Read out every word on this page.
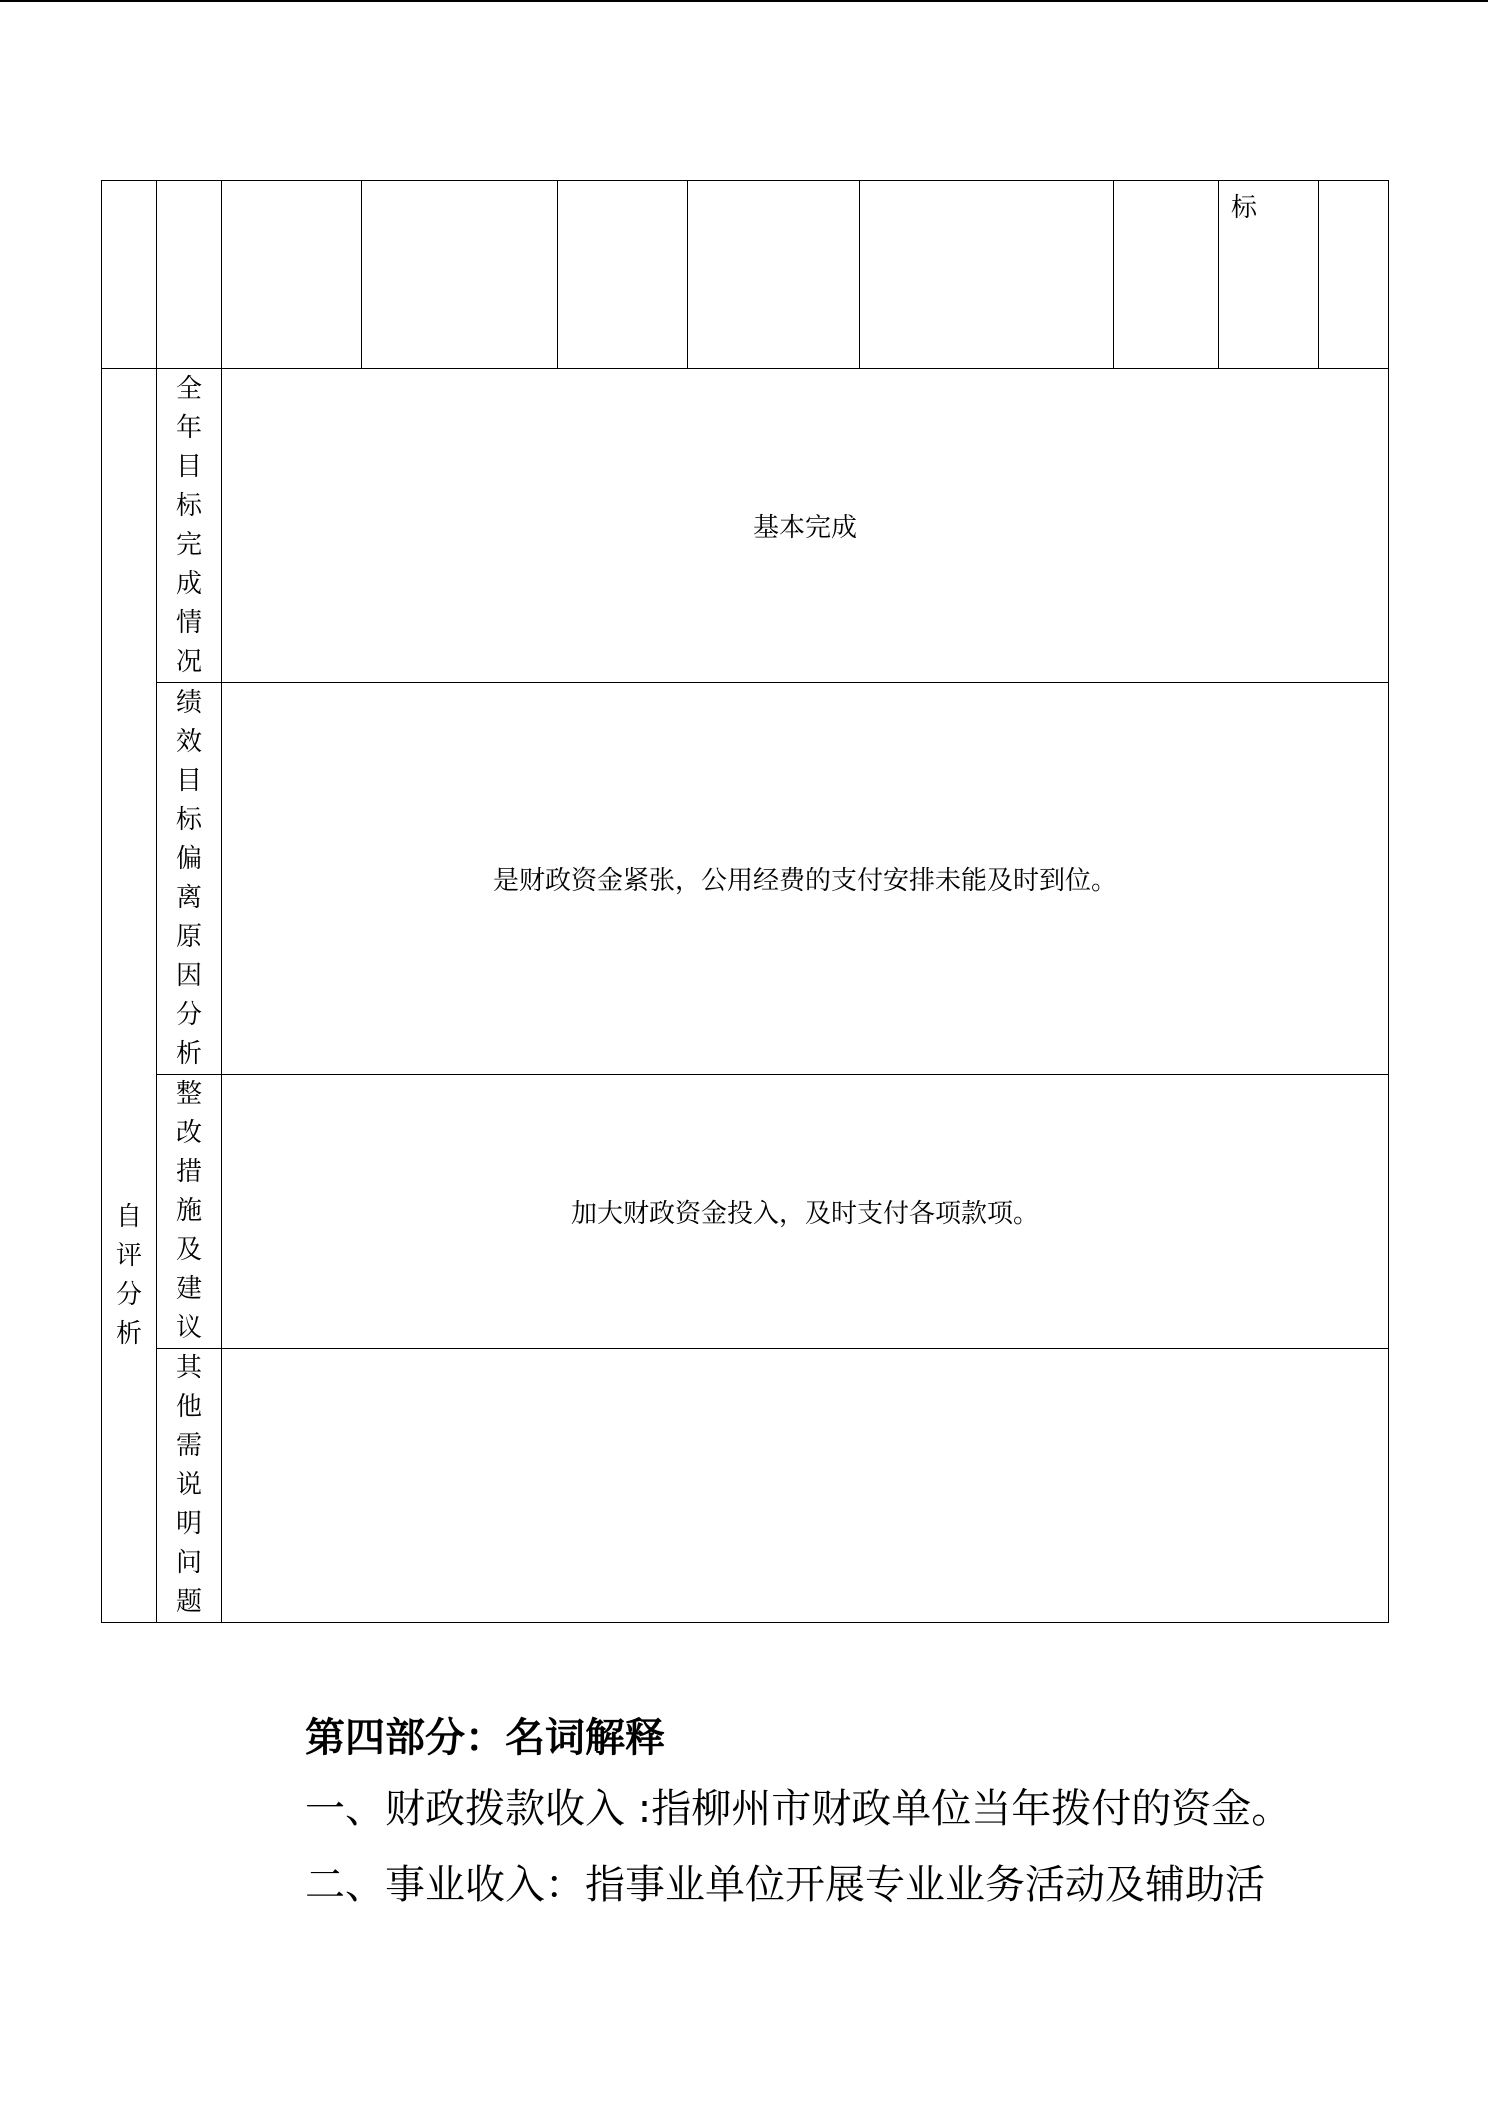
								标	

自评分析	全年目标完成情况	基本完成							

	绩效目标偏离原因分析	是财政资金紧张，公用经费的支付安排未能及时到位。							

	整改措施及建议	加大财政资金投入，及时支付各项款项。							

	其他需说明问题								

第四部分：名词解释

一、财政拨款收入 :指柳州市财政单位当年拨付的资金。

二、事业收入：指事业单位开展专业业务活动及辅助活
